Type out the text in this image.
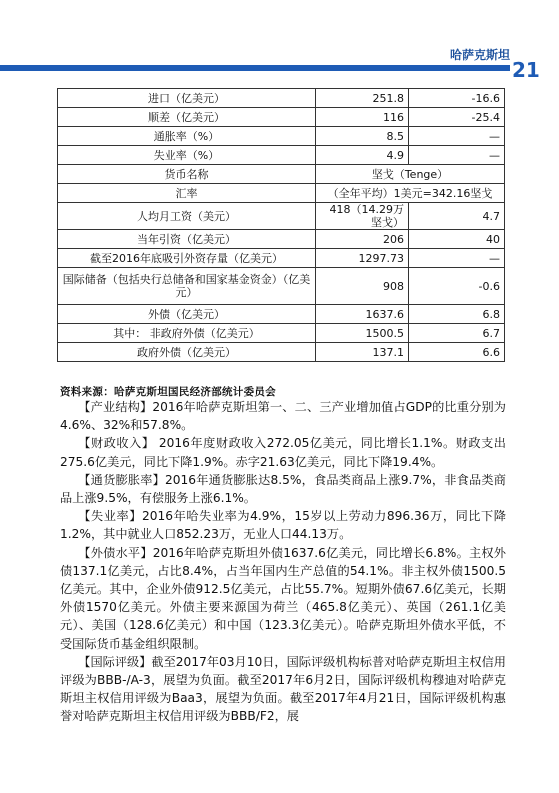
哈萨克斯坦
21
进口（亿美元）	251.8	-16.6
顺差（亿美元）	116	-25.4
通胀率（%）	8.5	—
失业率（%）	4.9	—
货币名称	坚戈（Tenge）	
汇率	（全年平均）1美元=342.16坚戈	
人均月工资（美元）	418（14.29万坚戈）	4.7
当年引资（亿美元）	206	40
截至2016年底吸引外资存量（亿美元）	1297.73	—
国际储备（包括央行总储备和国家基金资金）（亿美元）	908	-0.6
外债（亿美元）	1637.6	6.8
其中： 非政府外债（亿美元）	1500.5	6.7
政府外债（亿美元）	137.1	6.6
资料来源：哈萨克斯坦国民经济部统计委员会

【产业结构】2016年哈萨克斯坦第一、二、三产业增加值占GDP的比重分别为4.6%、32%和57.8%。

【财政收入】 2016年度财政收入272.05亿美元，同比增长1.1%。财政支出275.6亿美元，同比下降1.9%。赤字21.63亿美元，同比下降19.4%。

【通货膨胀率】2016年通货膨胀达8.5%，食品类商品上涨9.7%，非食品类商品上涨9.5%，有偿服务上涨6.1%。

【失业率】2016年哈失业率为4.9%，15岁以上劳动力896.36万，同比下降1.2%，其中就业人口852.23万，无业人口44.13万。

【外债水平】2016年哈萨克斯坦外债1637.6亿美元，同比增长6.8%。主权外债137.1亿美元，占比8.4%，占当年国内生产总值的54.1%。非主权外债1500.5亿美元。其中，企业外债912.5亿美元，占比55.7%。短期外债67.6亿美元，长期外债1570亿美元。外债主要来源国为荷兰（465.8亿美元）、英国（261.1亿美元）、美国（128.6亿美元）和中国（123.3亿美元）。哈萨克斯坦外债水平低，不受国际货币基金组织限制。

【国际评级】截至2017年03月10日，国际评级机构标普对哈萨克斯坦主权信用评级为BBB-/A-3，展望为负面。截至2017年6月2日，国际评级机构穆迪对哈萨克斯坦主权信用评级为Baa3，展望为负面。截至2017年4月21日，国际评级机构惠誉对哈萨克斯坦主权信用评级为BBB/F2，展
